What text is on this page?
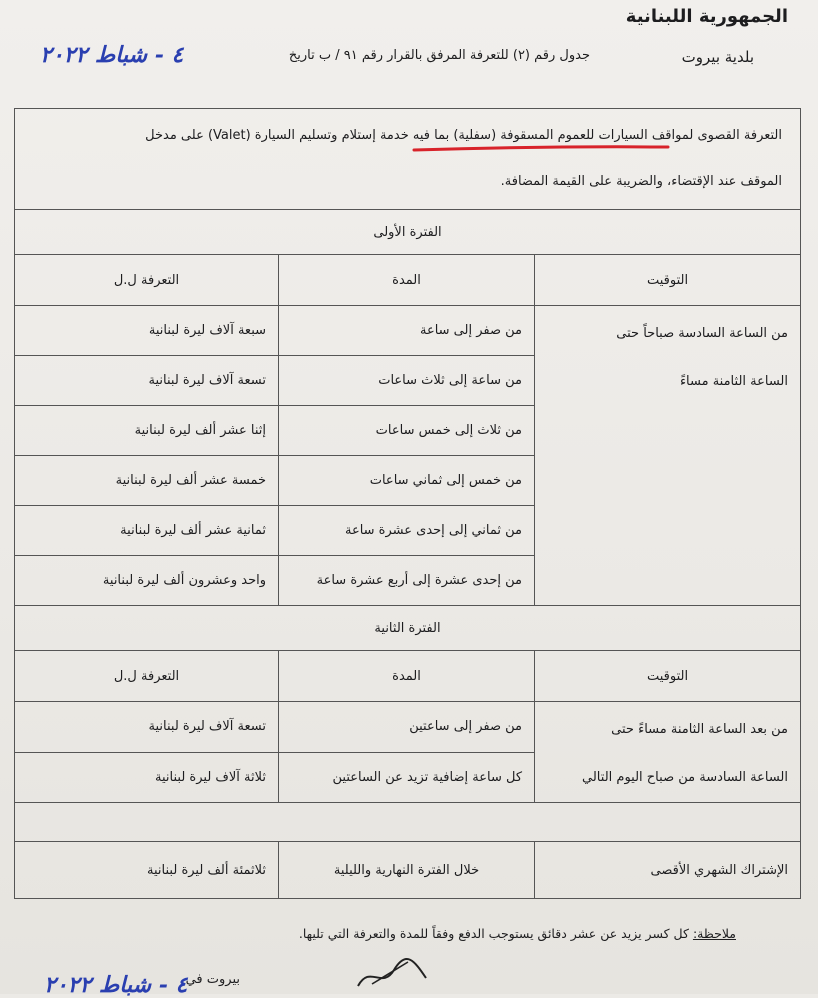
الجمهورية اللبنانية
بلدية بيروت
جدول رقم (٢) للتعرفة المرفق بالقرار رقم ٩١ / ب تاريخ
٤ - شباط ٢٠٢٢
التعرفة القصوى لمواقف السيارات للعموم المسقوفة (سفلية) بما فيه خدمة إستلام وتسليم السيارة (Valet) على مدخل
الموقف عند الإقتضاء، والضريبة على القيمة المضافة.		

الفترة الأولى		
التوقيت	المدة	التعرفة ل.ل

من الساعة السادسة صباحاً حتى
الساعة الثامنة مساءً	من صفر إلى ساعة	سبعة آلاف ليرة لبنانية
	من ساعة إلى ثلاث ساعات	تسعة آلاف ليرة لبنانية
	من ثلاث إلى خمس ساعات	إثنا عشر ألف ليرة لبنانية
	من خمس إلى ثماني ساعات	خمسة عشر ألف ليرة لبنانية
	من ثماني إلى إحدى عشرة ساعة	ثمانية عشر ألف ليرة لبنانية
	من إحدى عشرة إلى أربع عشرة ساعة	واحد وعشرون ألف ليرة لبنانية
الفترة الثانية		
التوقيت	المدة	التعرفة ل.ل

من بعد الساعة الثامنة مساءً حتى
الساعة السادسة من صباح اليوم التالي	من صفر إلى ساعتين	تسعة آلاف ليرة لبنانية
	كل ساعة إضافية تزيد عن الساعتين	ثلاثة آلاف ليرة لبنانية

الإشتراك الشهري الأقصى	خلال الفترة النهارية والليلية	ثلاثمئة ألف ليرة لبنانية
ملاحظة: كل كسر يزيد عن عشر دقائق يستوجب الدفع وفقاً للمدة والتعرفة التي تليها.
بيروت في
٤ - شباط ٢٠٢٢
